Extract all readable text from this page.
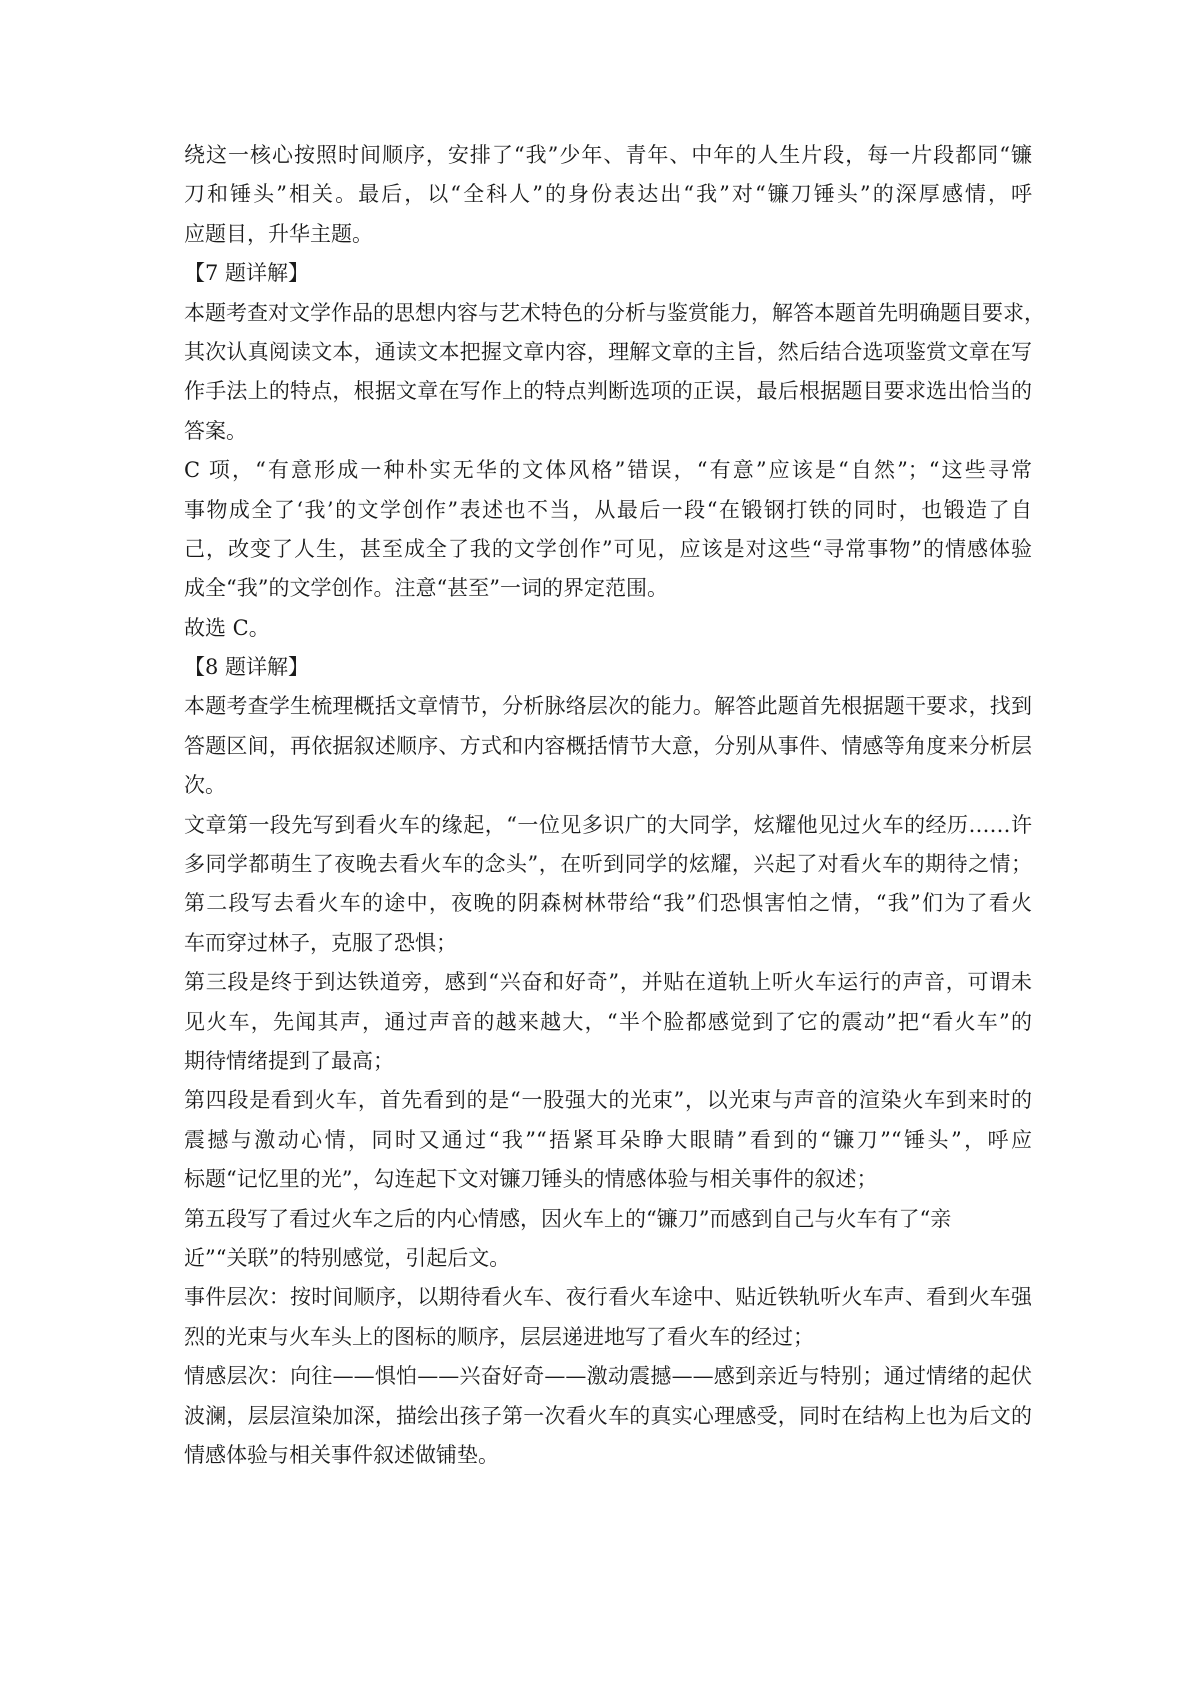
绕这一核心按照时间顺序，安排了“我”少年、青年、中年的人生片段，每一片段都同“镰
刀和锤头”相关。最后，以“全科人”的身份表达出“我”对“镰刀锤头”的深厚感情，呼
应题目，升华主题。
【7 题详解】
本题考查对文学作品的思想内容与艺术特色的分析与鉴赏能力，解答本题首先明确题目要求，
其次认真阅读文本，通读文本把握文章内容，理解文章的主旨，然后结合选项鉴赏文章在写
作手法上的特点，根据文章在写作上的特点判断选项的正误，最后根据题目要求选出恰当的
答案。
C 项，“有意形成一种朴实无华的文体风格”错误，“有意”应该是“自然”；“这些寻常
事物成全了‘我’的文学创作”表述也不当，从最后一段“在锻钢打铁的同时，也锻造了自
己，改变了人生，甚至成全了我的文学创作”可见，应该是对这些“寻常事物”的情感体验
成全“我”的文学创作。注意“甚至”一词的界定范围。
故选 C。
【8 题详解】
本题考查学生梳理概括文章情节，分析脉络层次的能力。解答此题首先根据题干要求，找到
答题区间，再依据叙述顺序、方式和内容概括情节大意，分别从事件、情感等角度来分析层
次。
文章第一段先写到看火车的缘起，“一位见多识广的大同学，炫耀他见过火车的经历……许
多同学都萌生了夜晚去看火车的念头”，在听到同学的炫耀，兴起了对看火车的期待之情；
第二段写去看火车的途中，夜晚的阴森树林带给“我”们恐惧害怕之情，“我”们为了看火
车而穿过林子，克服了恐惧；
第三段是终于到达铁道旁，感到“兴奋和好奇”，并贴在道轨上听火车运行的声音，可谓未
见火车，先闻其声，通过声音的越来越大，“半个脸都感觉到了它的震动”把“看火车”的
期待情绪提到了最高；
第四段是看到火车，首先看到的是“一股强大的光束”，以光束与声音的渲染火车到来时的
震撼与激动心情，同时又通过“我”“捂紧耳朵睁大眼睛”看到的“镰刀”“锤头”，呼应
标题“记忆里的光”，勾连起下文对镰刀锤头的情感体验与相关事件的叙述；
第五段写了看过火车之后的内心情感，因火车上的“镰刀”而感到自己与火车有了“亲
近”“关联”的特别感觉，引起后文。
事件层次：按时间顺序，以期待看火车、夜行看火车途中、贴近铁轨听火车声、看到火车强
烈的光束与火车头上的图标的顺序，层层递进地写了看火车的经过；
情感层次：向往——惧怕——兴奋好奇——激动震撼——感到亲近与特别；通过情绪的起伏
波澜，层层渲染加深，描绘出孩子第一次看火车的真实心理感受，同时在结构上也为后文的
情感体验与相关事件叙述做铺垫。
